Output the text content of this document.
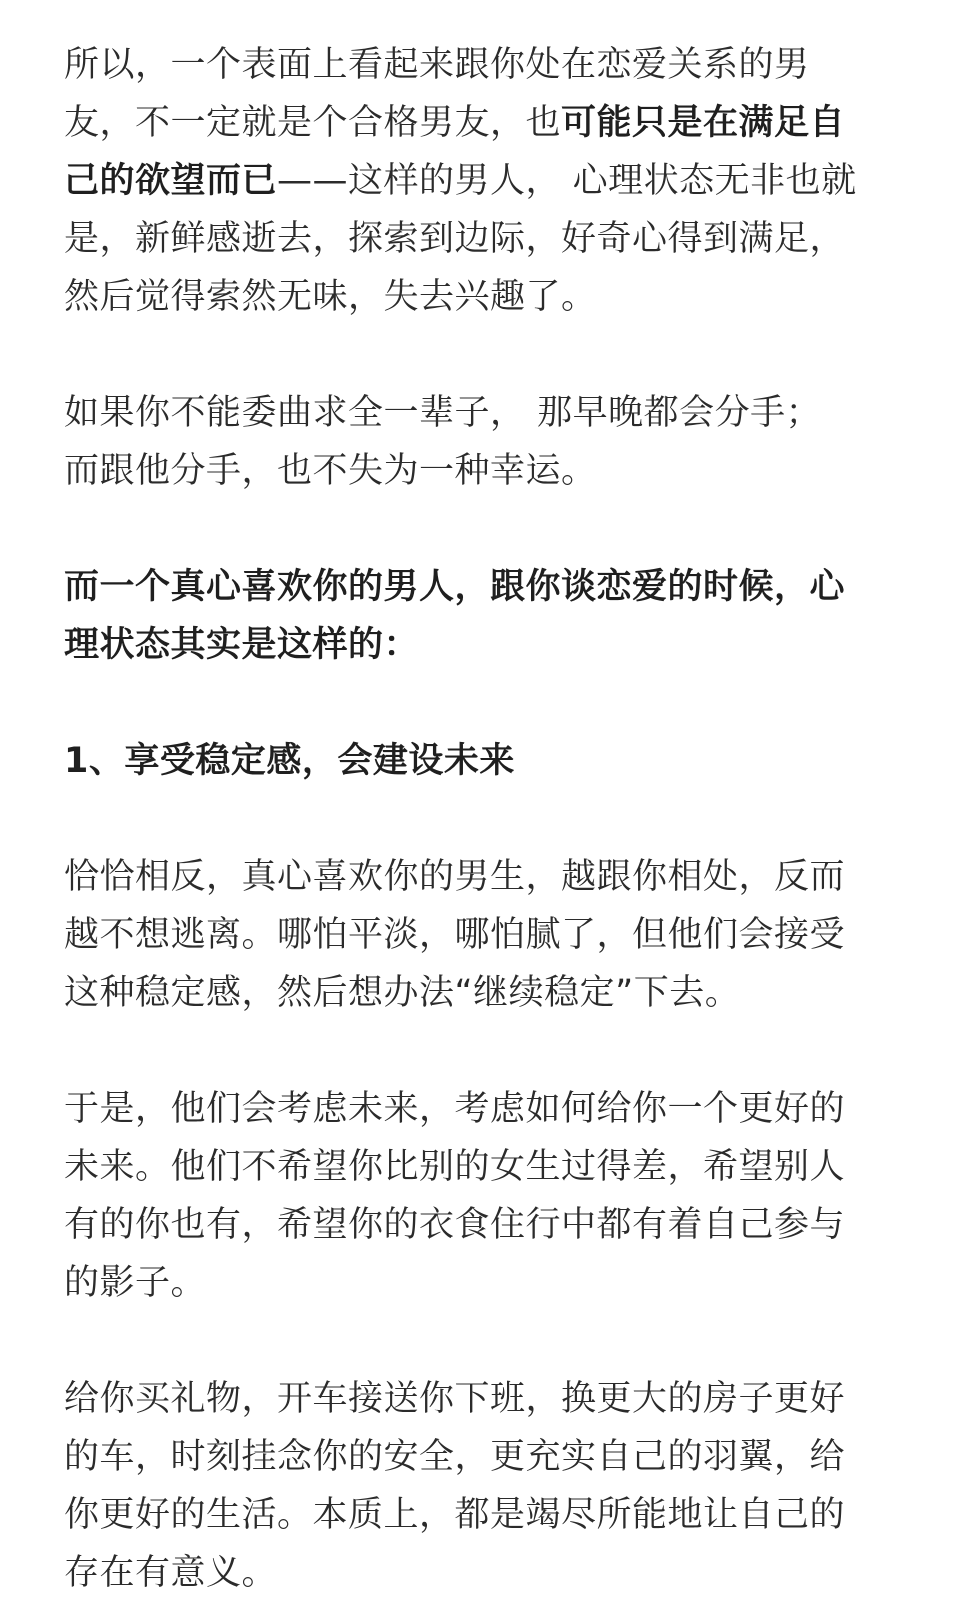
所以，一个表面上看起来跟你处在恋爱关系的男
友，不一定就是个合格男友，也可能只是在满足自
己的欲望而已——这样的男人， 心理状态无非也就
是，新鲜感逝去，探索到边际，好奇心得到满足，
然后觉得索然无味，失去兴趣了。
如果你不能委曲求全一辈子， 那早晚都会分手；
而跟他分手，也不失为一种幸运。
而一个真心喜欢你的男人，跟你谈恋爱的时候，心
理状态其实是这样的：
1、享受稳定感，会建设未来
恰恰相反，真心喜欢你的男生，越跟你相处，反而
越不想逃离。哪怕平淡，哪怕腻了，但他们会接受
这种稳定感，然后想办法“继续稳定”下去。
于是，他们会考虑未来，考虑如何给你一个更好的
未来。他们不希望你比别的女生过得差，希望别人
有的你也有，希望你的衣食住行中都有着自己参与
的影子。
给你买礼物，开车接送你下班，换更大的房子更好
的车，时刻挂念你的安全，更充实自己的羽翼，给
你更好的生活。本质上，都是竭尽所能地让自己的
存在有意义。
